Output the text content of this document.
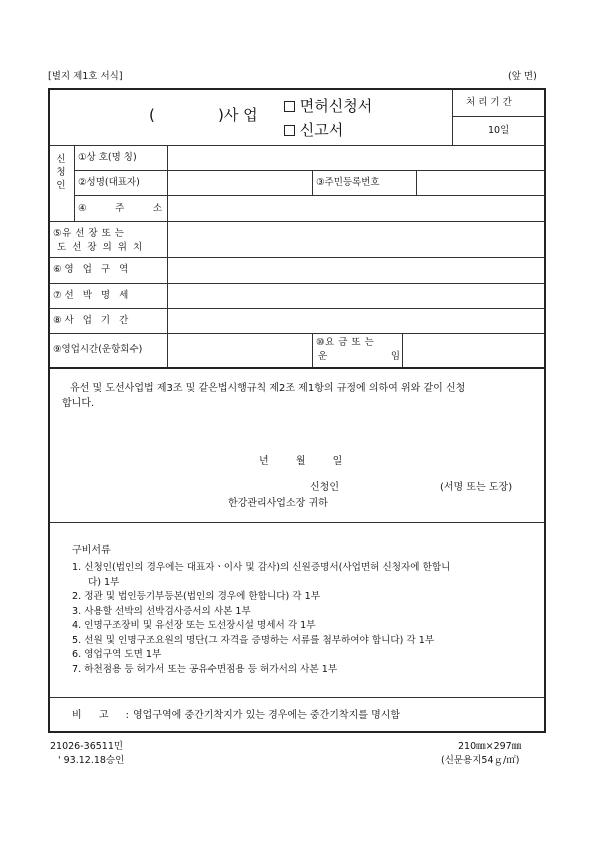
[별지 제1호 서식]	(앞 면)
(	)사 업	면허신청서
신고서
처 리 기 간
10일
신
청
인
①상 호(명 칭)
②성명(대표자)	③주민등록번호
④	주	소
⑤유 선 장 또 는
도 선 장 의 위 치
⑥영 업 구 역
⑦선 박 명 세
⑧사 업 기 간
⑨영업시간(운항회수)
⑩요 금 또 는
운	임
유선 및 도선사업법 제3조 및 같은법시행규칙 제2조 제1항의 규정에 의하여 위와 같이 신청
합니다.
년 월 일
신청인	(서명 또는 도장)
한강관리사업소장 귀하
구비서류
1. 신청인(법인의 경우에는 대표자ㆍ이사 및 감사)의 신원증명서(사업면허 신청자에 한합니
다) 1부
2. 정관 및 법인등기부등본(법인의 경우에 한합니다) 각 1부
3. 사용할 선박의 선박검사증서의 사본 1부
4. 인명구조장비 및 유선장 또는 도선장시설 명세서 각 1부
5. 선원 및 인명구조요원의 명단(그 자격을 증명하는 서류를 첨부하여야 합니다) 각 1부
6. 영업구역 도면 1부
7. 하천점용 등 허가서 또는 공유수면점용 등 허가서의 사본 1부
비 고 : 영업구역에 중간기착지가 있는 경우에는 중간기착지를 명시함
21026-36511민
' 93.12.18승인
210㎜×297㎜
(신문용지54ｇ/㎡)
